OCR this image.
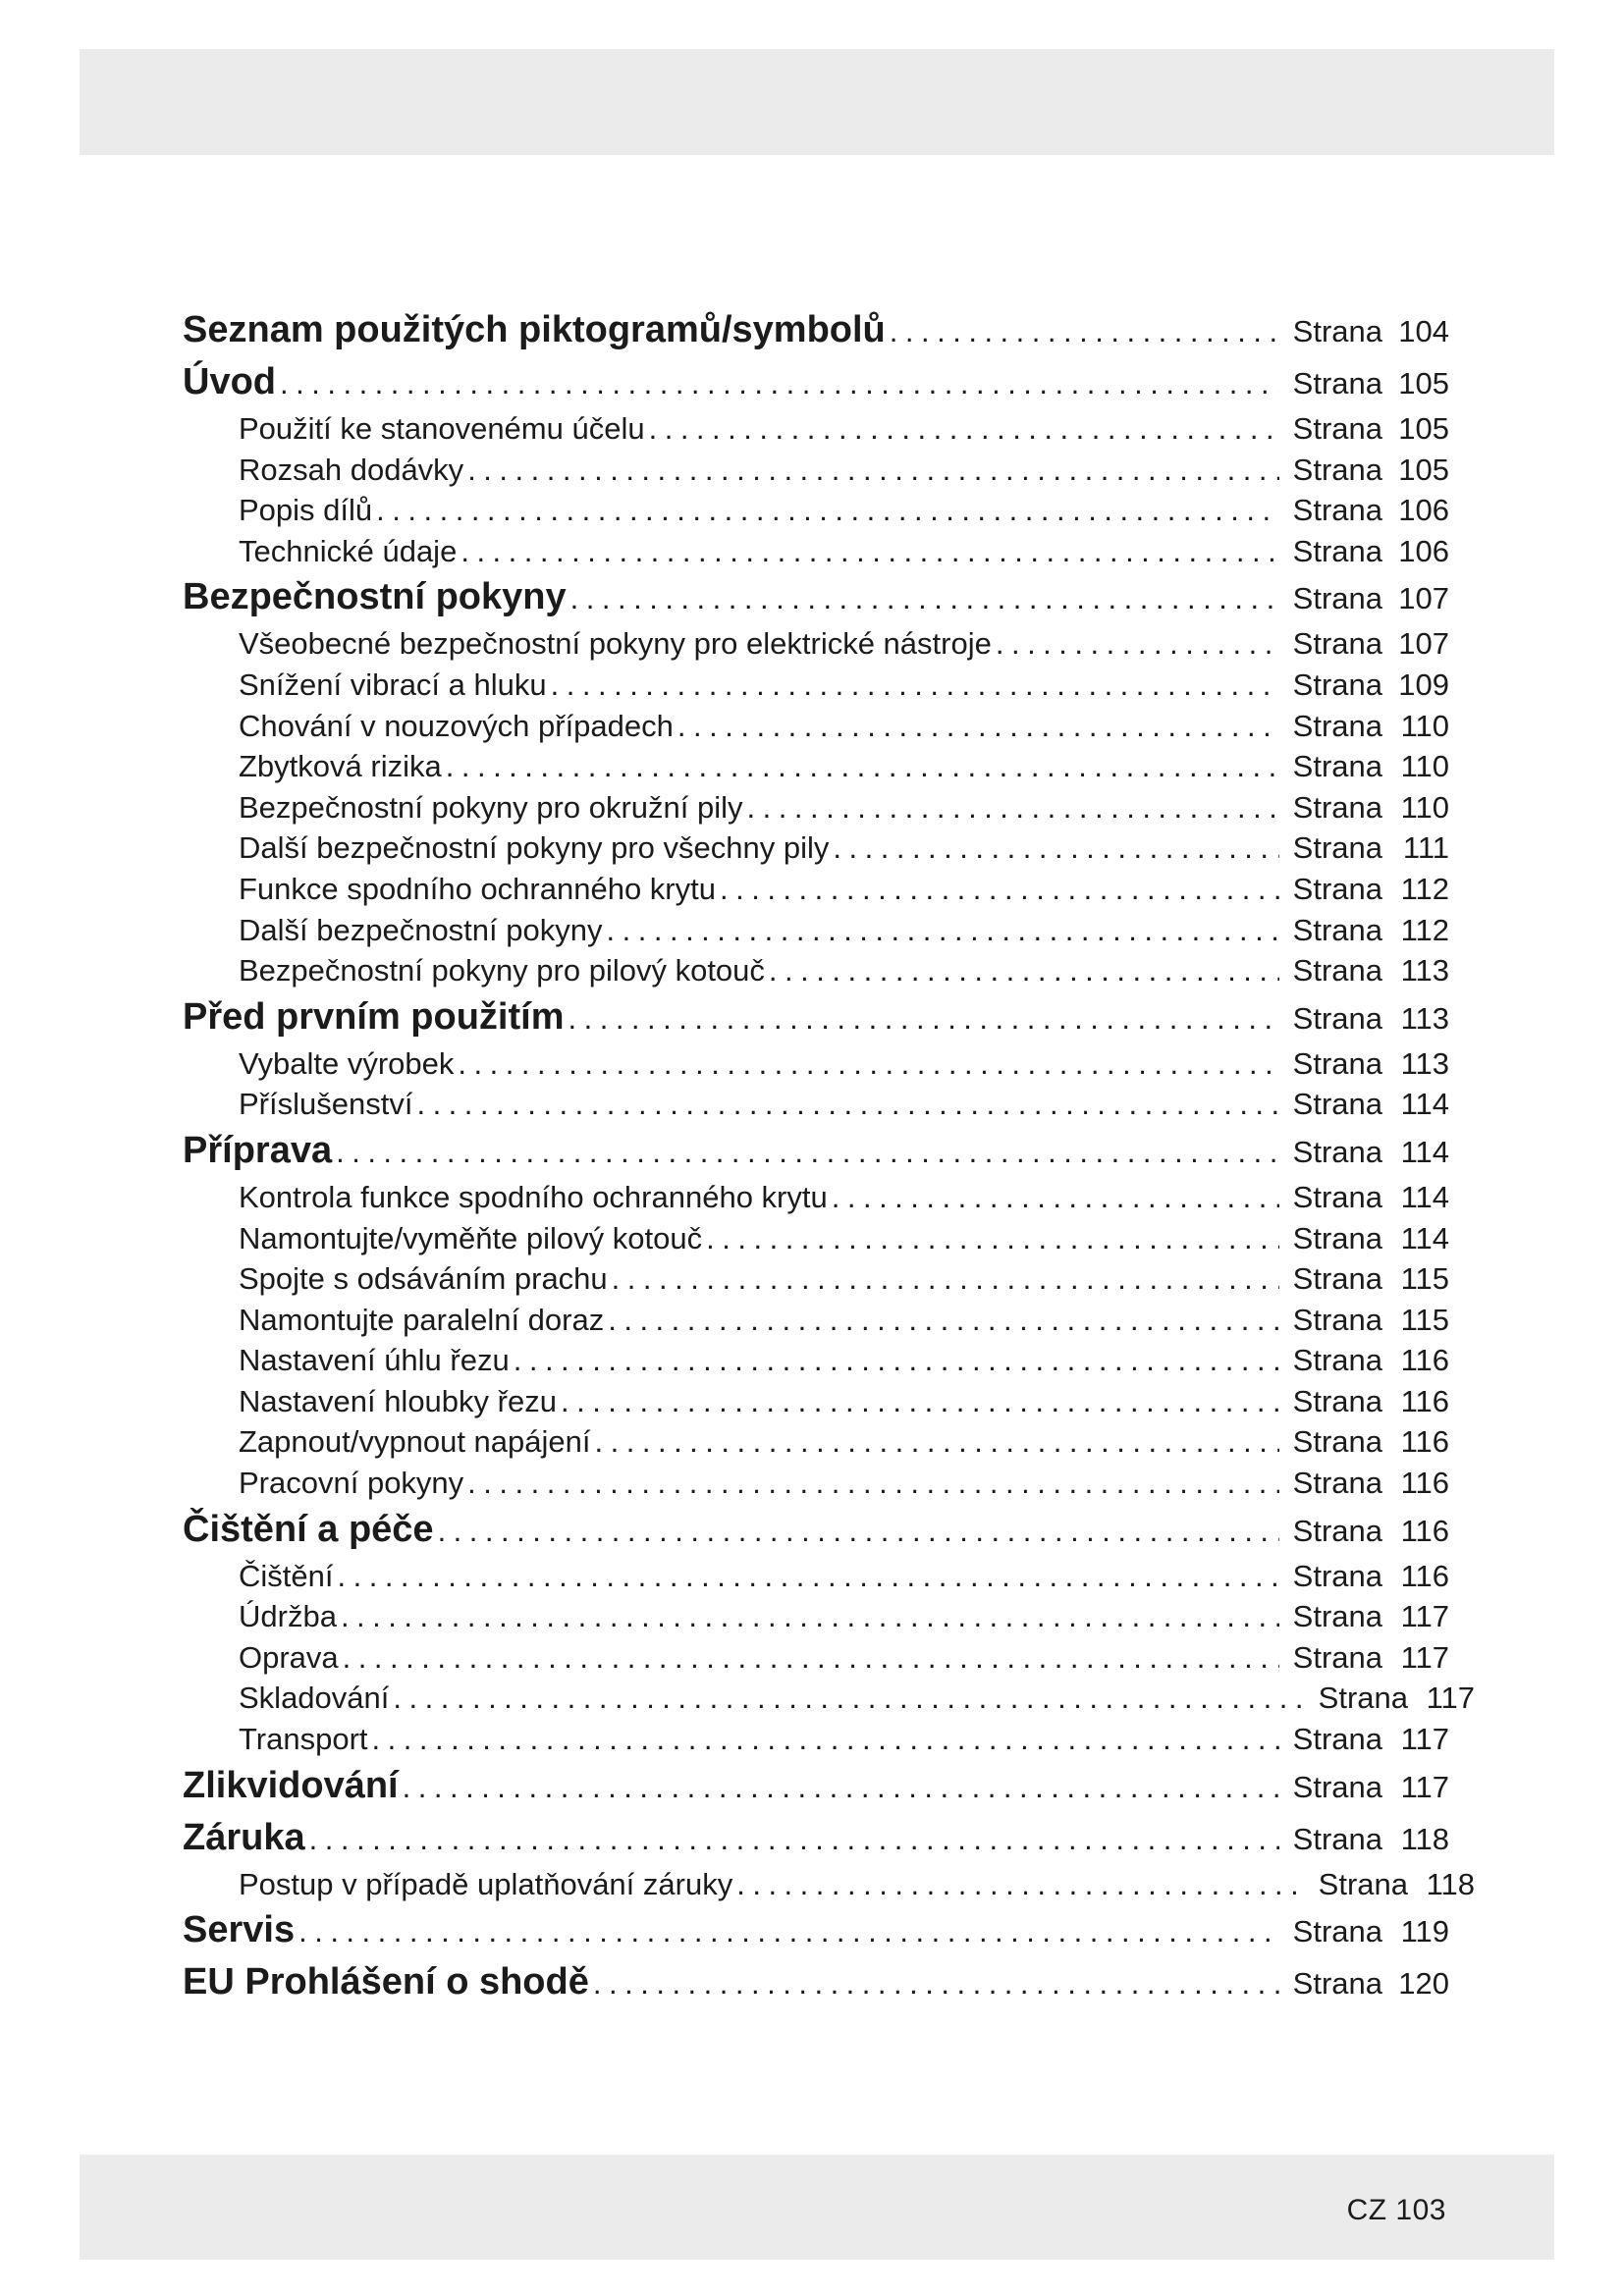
Seznam použitých piktogramů/symbolů .....	Strana 104
Úvod .....	Strana 105
Použití ke stanovenému účelu .....	Strana 105
Rozsah dodávky .....	Strana 105
Popis dílů .....	Strana 106
Technické údaje .....	Strana 106
Bezpečnostní pokyny .....	Strana 107
Všeobecné bezpečnostní pokyny pro elektrické nástroje .....	Strana 107
Snížení vibrací a hluku .....	Strana 109
Chování v nouzových případech .....	Strana 110
Zbytková rizika .....	Strana 110
Bezpečnostní pokyny pro okružní pily .....	Strana 110
Další bezpečnostní pokyny pro všechny pily .....	Strana 111
Funkce spodního ochranného krytu .....	Strana 112
Další bezpečnostní pokyny .....	Strana 112
Bezpečnostní pokyny pro pilový kotouč .....	Strana 113
Před prvním použitím .....	Strana 113
Vybalte výrobek .....	Strana 113
Příslušenství .....	Strana 114
Příprava .....	Strana 114
Kontrola funkce spodního ochranného krytu .....	Strana 114
Namontujte/vyměňte pilový kotouč .....	Strana 114
Spojte s odsáváním prachu .....	Strana 115
Namontujte paralelní doraz .....	Strana 115
Nastavení úhlu řezu .....	Strana 116
Nastavení hloubky řezu .....	Strana 116
Zapnout/vypnout napájení .....	Strana 116
Pracovní pokyny .....	Strana 116
Čištění a péče .....	Strana 116
Čištění .....	Strana 116
Údržba .....	Strana 117
Oprava .....	Strana 117
Skladování .....	Strana 117
Transport .....	Strana 117
Zlikvidování .....	Strana 117
Záruka .....	Strana 118
Postup v případě uplatňování záruky .....	Strana 118
Servis .....	Strana 119
EU Prohlášení o shodě .....	Strana 120
CZ 103
